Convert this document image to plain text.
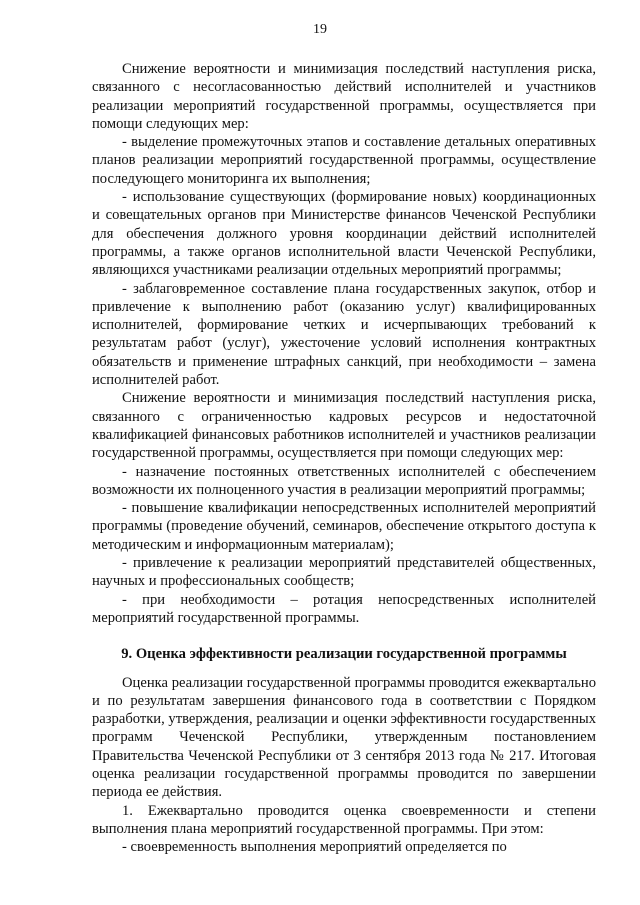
19

Снижение вероятности и минимизация последствий наступления риска, связанного с несогласованностью действий исполнителей и участников реализации мероприятий государственной программы, осуществляется при помощи следующих мер:

- выделение промежуточных этапов и составление детальных оперативных планов реализации мероприятий государственной программы, осуществление последующего мониторинга их выполнения;

- использование существующих (формирование новых) координационных и совещательных органов при Министерстве финансов Чеченской Республики для обеспечения должного уровня координации действий исполнителей программы, а также органов исполнительной власти Чеченской Республики, являющихся участниками реализации отдельных мероприятий программы;

- заблаговременное составление плана государственных закупок, отбор и привлечение к выполнению работ (оказанию услуг) квалифицированных исполнителей, формирование четких и исчерпывающих требований к результатам работ (услуг), ужесточение условий исполнения контрактных обязательств и применение штрафных санкций, при необходимости – замена исполнителей работ.

Снижение вероятности и минимизация последствий наступления риска, связанного с ограниченностью кадровых ресурсов и недостаточной квалификацией финансовых работников исполнителей и участников реализации государственной программы, осуществляется при помощи следующих мер:

- назначение постоянных ответственных исполнителей с обеспечением возможности их полноценного участия в реализации мероприятий программы;

- повышение квалификации непосредственных исполнителей мероприятий программы (проведение обучений, семинаров, обеспечение открытого доступа к методическим и информационным материалам);

- привлечение к реализации мероприятий представителей общественных, научных и профессиональных сообществ;

- при необходимости – ротация непосредственных исполнителей мероприятий государственной программы.

9. Оценка эффективности реализации государственной программы

Оценка реализации государственной программы проводится ежеквартально и по результатам завершения финансового года в соответствии с Порядком разработки, утверждения, реализации и оценки эффективности государственных программ Чеченской Республики, утвержденным постановлением Правительства Чеченской Республики от 3 сентября 2013 года № 217. Итоговая оценка реализации государственной программы проводится по завершении периода ее действия.

1. Ежеквартально проводится оценка своевременности и степени выполнения плана мероприятий государственной программы. При этом:

- своевременность выполнения мероприятий определяется по
